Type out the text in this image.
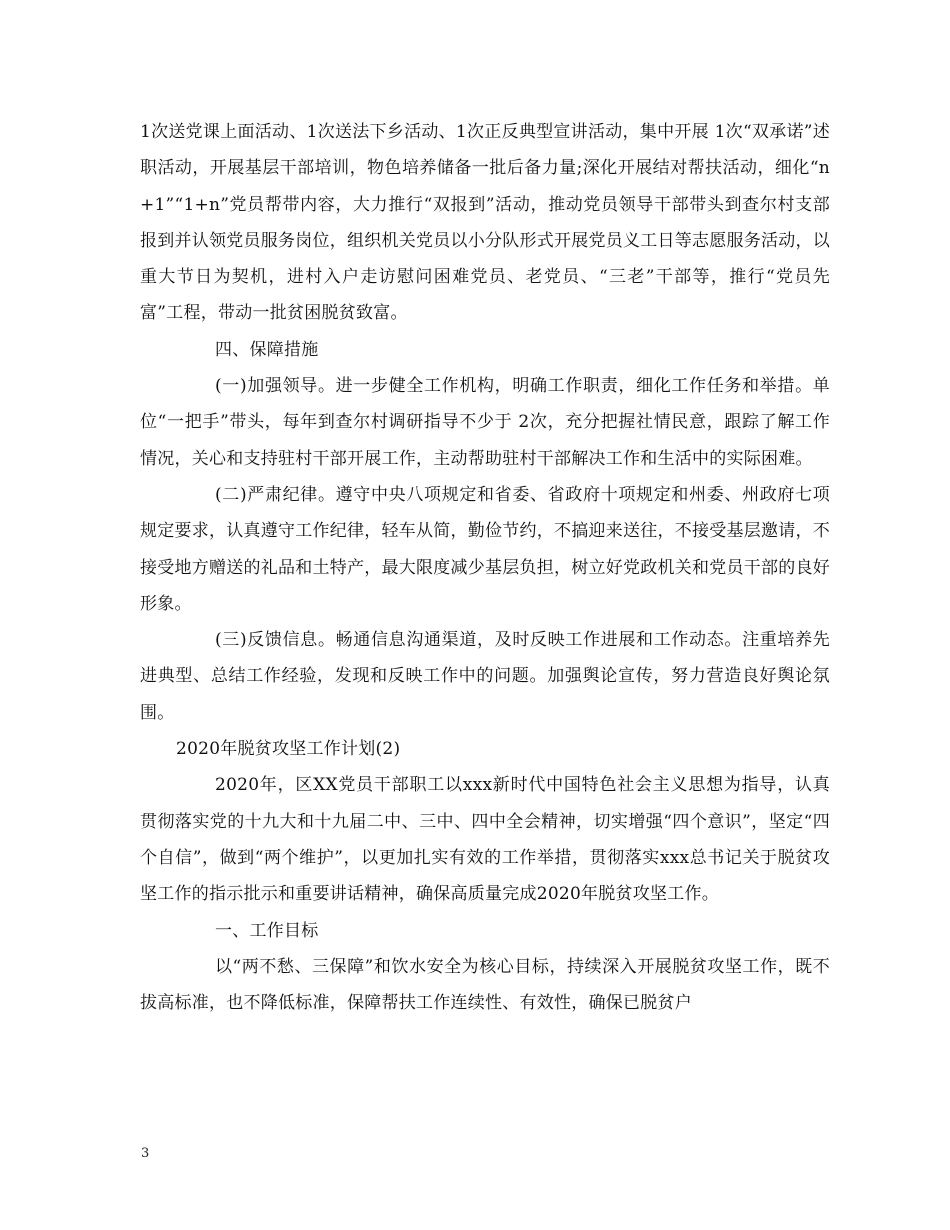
1次送党课上面活动、1次送法下乡活动、1次正反典型宣讲活动，集中开展 1次“双承诺”述职活动，开展基层干部培训，物色培养储备一批后备力量;深化开展结对帮扶活动，细化“n+1”“1+n”党员帮带内容，大力推行“双报到”活动，推动党员领导干部带头到查尔村支部报到并认领党员服务岗位，组织机关党员以小分队形式开展党员义工日等志愿服务活动，以重大节日为契机，进村入户走访慰问困难党员、老党员、“三老”干部等，推行“党员先富”工程，带动一批贫困脱贫致富。

四、保障措施

(一)加强领导。进一步健全工作机构，明确工作职责，细化工作任务和举措。单位“一把手”带头，每年到查尔村调研指导不少于 2次，充分把握社情民意，跟踪了解工作情况，关心和支持驻村干部开展工作，主动帮助驻村干部解决工作和生活中的实际困难。

(二)严肃纪律。遵守中央八项规定和省委、省政府十项规定和州委、州政府七项规定要求，认真遵守工作纪律，轻车从简，勤俭节约，不搞迎来送往，不接受基层邀请，不接受地方赠送的礼品和土特产，最大限度减少基层负担，树立好党政机关和党员干部的良好形象。

(三)反馈信息。畅通信息沟通渠道，及时反映工作进展和工作动态。注重培养先进典型、总结工作经验，发现和反映工作中的问题。加强舆论宣传，努力营造良好舆论氛围。

2020年脱贫攻坚工作计划(2)

2020年，区XX党员干部职工以xxx新时代中国特色社会主义思想为指导，认真贯彻落实党的十九大和十九届二中、三中、四中全会精神，切实增强“四个意识”，坚定“四个自信”，做到“两个维护”，以更加扎实有效的工作举措，贯彻落实xxx总书记关于脱贫攻坚工作的指示批示和重要讲话精神，确保高质量完成2020年脱贫攻坚工作。

一、工作目标

以“两不愁、三保障”和饮水安全为核心目标，持续深入开展脱贫攻坚工作，既不拔高标准，也不降低标准，保障帮扶工作连续性、有效性，确保已脱贫户

3
